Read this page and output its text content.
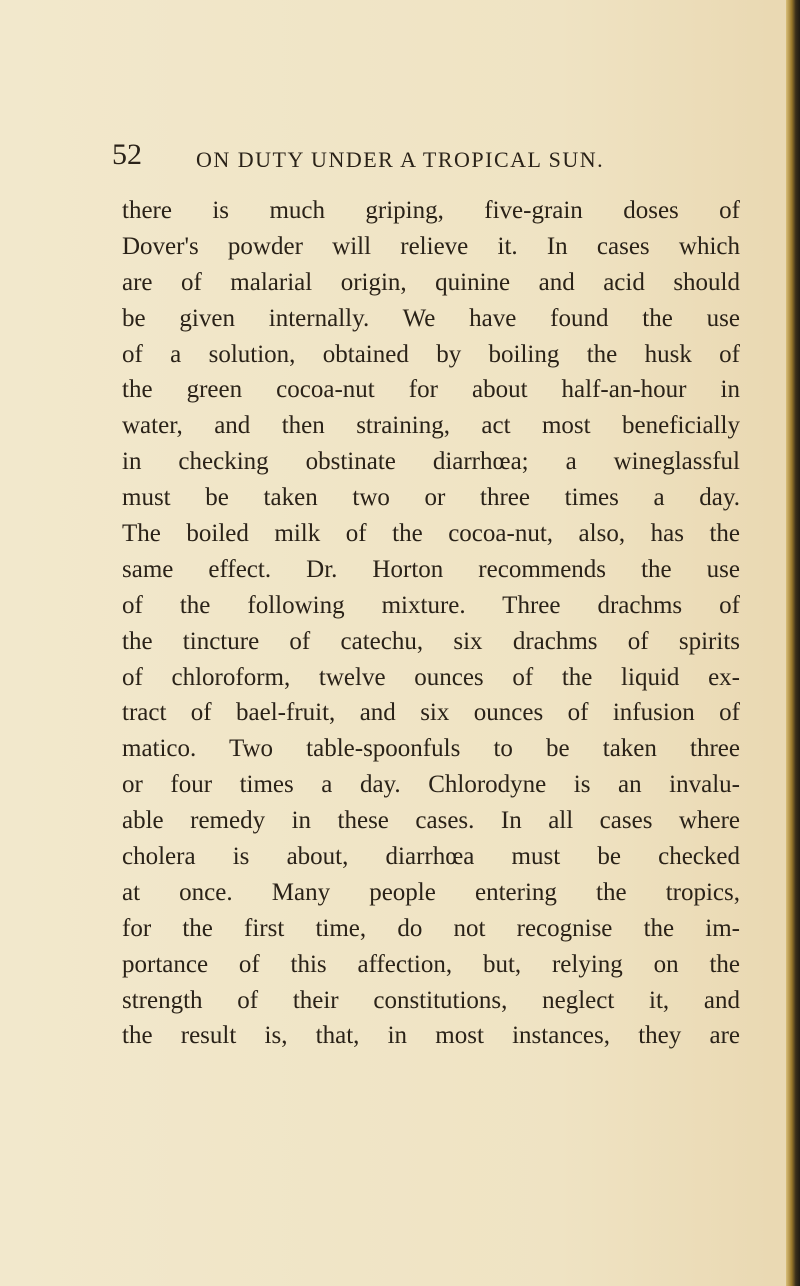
52 ON DUTY UNDER A TROPICAL SUN.
there is much griping, five-grain doses of
Dover's powder will relieve it. In cases which
are of malarial origin, quinine and acid should
be given internally. We have found the use
of a solution, obtained by boiling the husk of
the green cocoa-nut for about half-an-hour in
water, and then straining, act most beneficially
in checking obstinate diarrhœa; a wineglassful
must be taken two or three times a day.
The boiled milk of the cocoa-nut, also, has the
same effect. Dr. Horton recommends the use
of the following mixture. Three drachms of
the tincture of catechu, six drachms of spirits
of chloroform, twelve ounces of the liquid ex-
tract of bael-fruit, and six ounces of infusion of
matico. Two table-spoonfuls to be taken three
or four times a day. Chlorodyne is an invalu-
able remedy in these cases. In all cases where
cholera is about, diarrhœa must be checked
at once. Many people entering the tropics,
for the first time, do not recognise the im-
portance of this affection, but, relying on the
strength of their constitutions, neglect it, and
the result is, that, in most instances, they are
